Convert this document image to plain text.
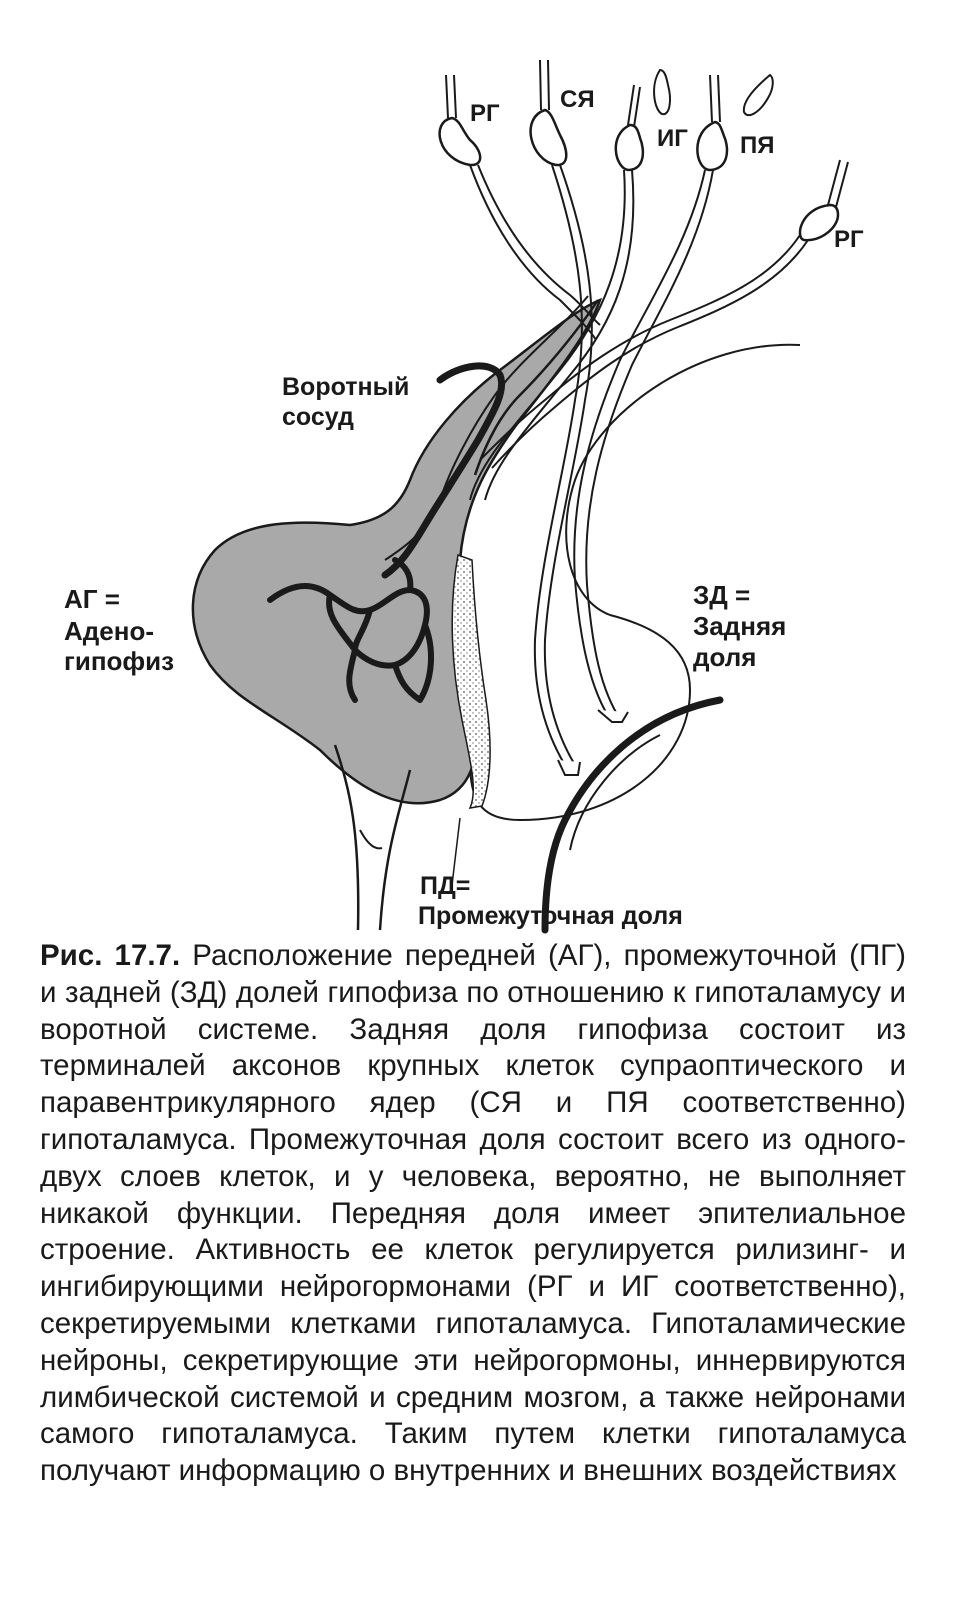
РГ
СЯ
ИГ ПЯ
РГ
Воротный
сосуд
АГ =
Адено-
гипофиз
ЗД =
Задняя
доля
ПД=
Промежуточная доля

Рис. 17.7. Расположение передней (АГ), промежуточной (ПГ) и задней (ЗД) долей гипофиза по отношению к гипоталамусу и воротной системе. Задняя доля гипофиза состоит из терминалей аксонов крупных клеток супраоптического и паравентрикулярного ядер (СЯ и ПЯ соответственно) гипоталамуса. Промежуточная доля состоит всего из одного-двух слоев клеток, и у человека, вероятно, не выполняет никакой функции. Передняя доля имеет эпителиальное строение. Активность ее клеток регулируется рилизинг- и ингибирующими нейрогормонами (РГ и ИГ соответственно), секретируемыми клетками гипоталамуса. Гипоталамические нейроны, секретирующие эти нейрогормоны, иннервируются лимбической системой и средним мозгом, а также нейронами самого гипоталамуса. Таким путем клетки гипоталамуса получают информацию о внутренних и внешних воздействиях
